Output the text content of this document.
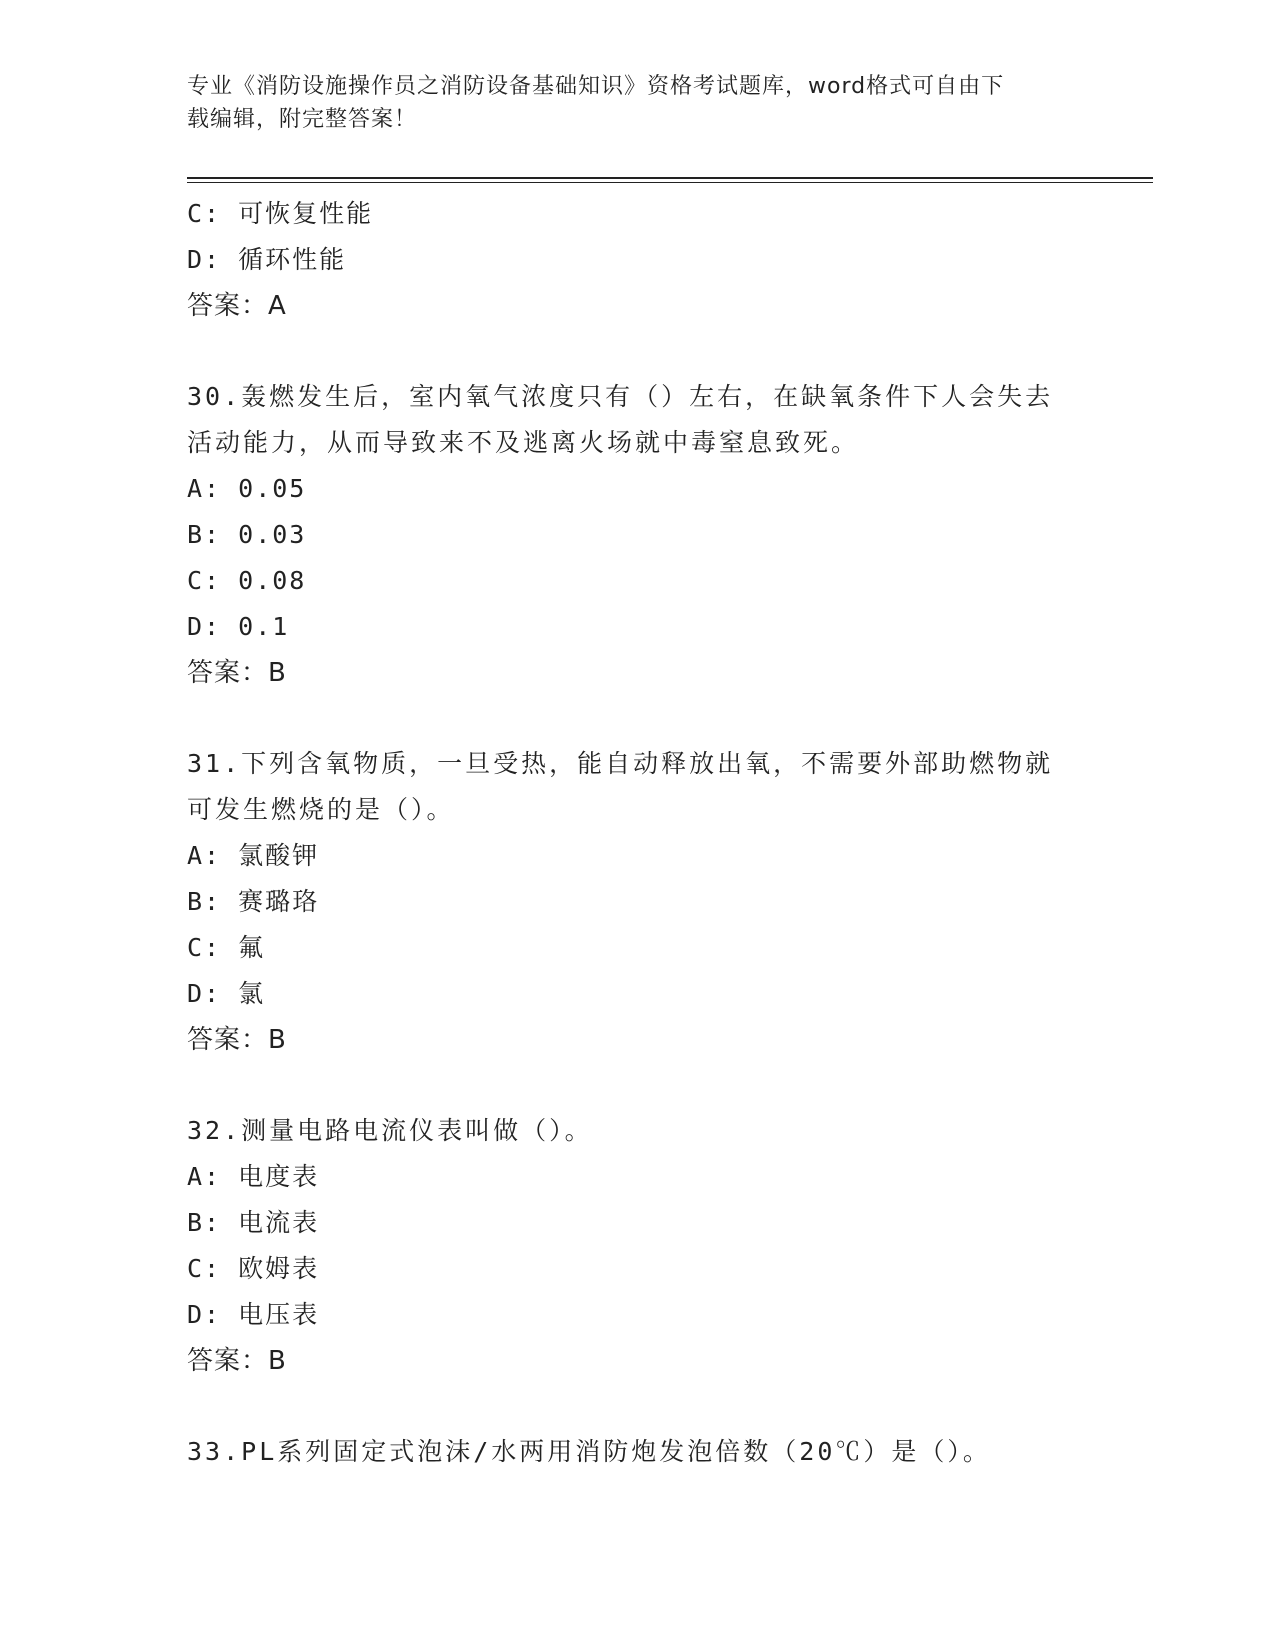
专业《消防设施操作员之消防设备基础知识》资格考试题库，word格式可自由下
载编辑，附完整答案！
C: 可恢复性能
D: 循环性能
答案：A
30.轰燃发生后，室内氧气浓度只有（）左右，在缺氧条件下人会失去
活动能力，从而导致来不及逃离火场就中毒窒息致死。
A: 0.05
B: 0.03
C: 0.08
D: 0.1
答案：B
31.下列含氧物质，一旦受热，能自动释放出氧，不需要外部助燃物就
可发生燃烧的是（）。
A: 氯酸钾
B: 赛璐珞
C: 氟
D: 氯
答案：B
32.测量电路电流仪表叫做（）。
A: 电度表
B: 电流表
C: 欧姆表
D: 电压表
答案：B
33.PL系列固定式泡沫/水两用消防炮发泡倍数（20℃）是（）。
